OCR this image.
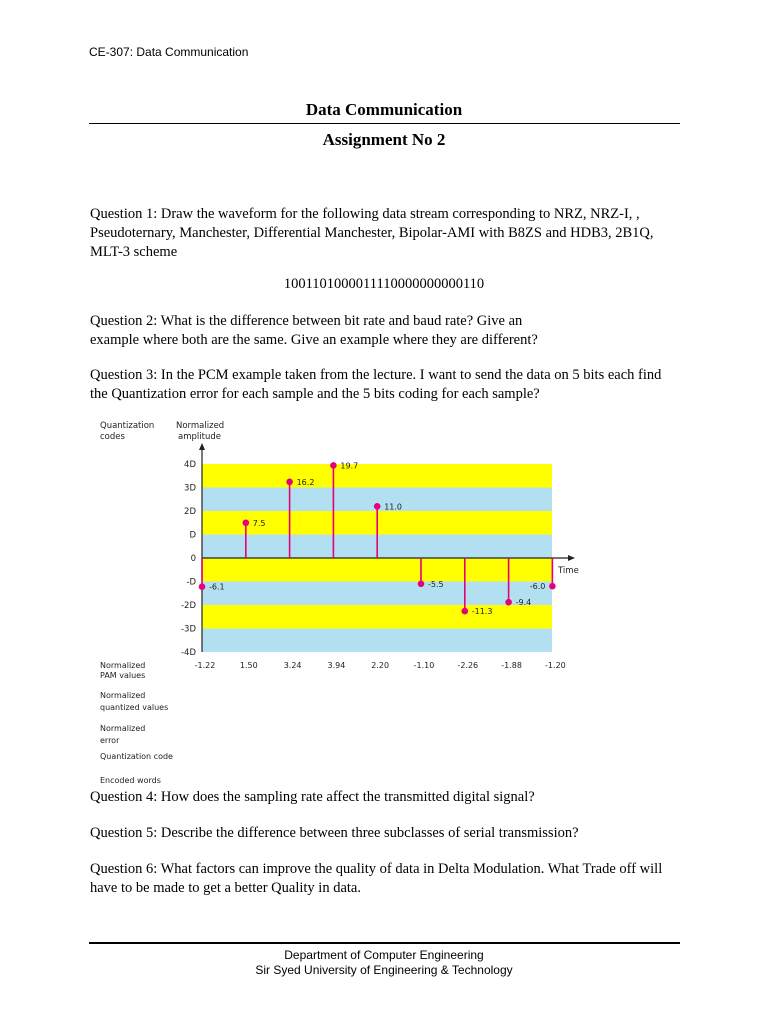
CE-307: Data Communication
Data Communication
Assignment No 2
Question 1: Draw the waveform for the following data stream corresponding to NRZ, NRZ-I, ,
Pseudoternary, Manchester, Differential Manchester, Bipolar-AMI with B8ZS and HDB3, 2B1Q,
MLT-3 scheme
1001101000011110000000000110
Question 2: What is the difference between bit rate and baud rate? Give an
example where both are the same. Give an example where they are different?
Question 3: In the PCM example taken from the lecture. I want to send the data on 5 bits each find
the Quantization error for each sample and the 5 bits coding for each sample?
4D
3D
2D
D
0
-D
-2D
-3D
-4D
Quantization
codes
Normalized
amplitude
Time
-6.1
7.5
16.2
19.7
11.0
-5.5
-11.3
-9.4
-6.0
-1.22	1.50	3.24	3.94	2.20	-1.10	-2.26	-1.88	-1.20
Normalized
PAM values
Normalized
quantized values
Normalized
error
Quantization code
Encoded words
Question 4: How does the sampling rate affect the transmitted digital signal?
Question 5: Describe the difference between three subclasses of serial transmission?
Question 6: What factors can improve the quality of data in Delta Modulation. What Trade off will
have to be made to get a better Quality in data.
Department of Computer Engineering
Sir Syed University of Engineering & Technology
